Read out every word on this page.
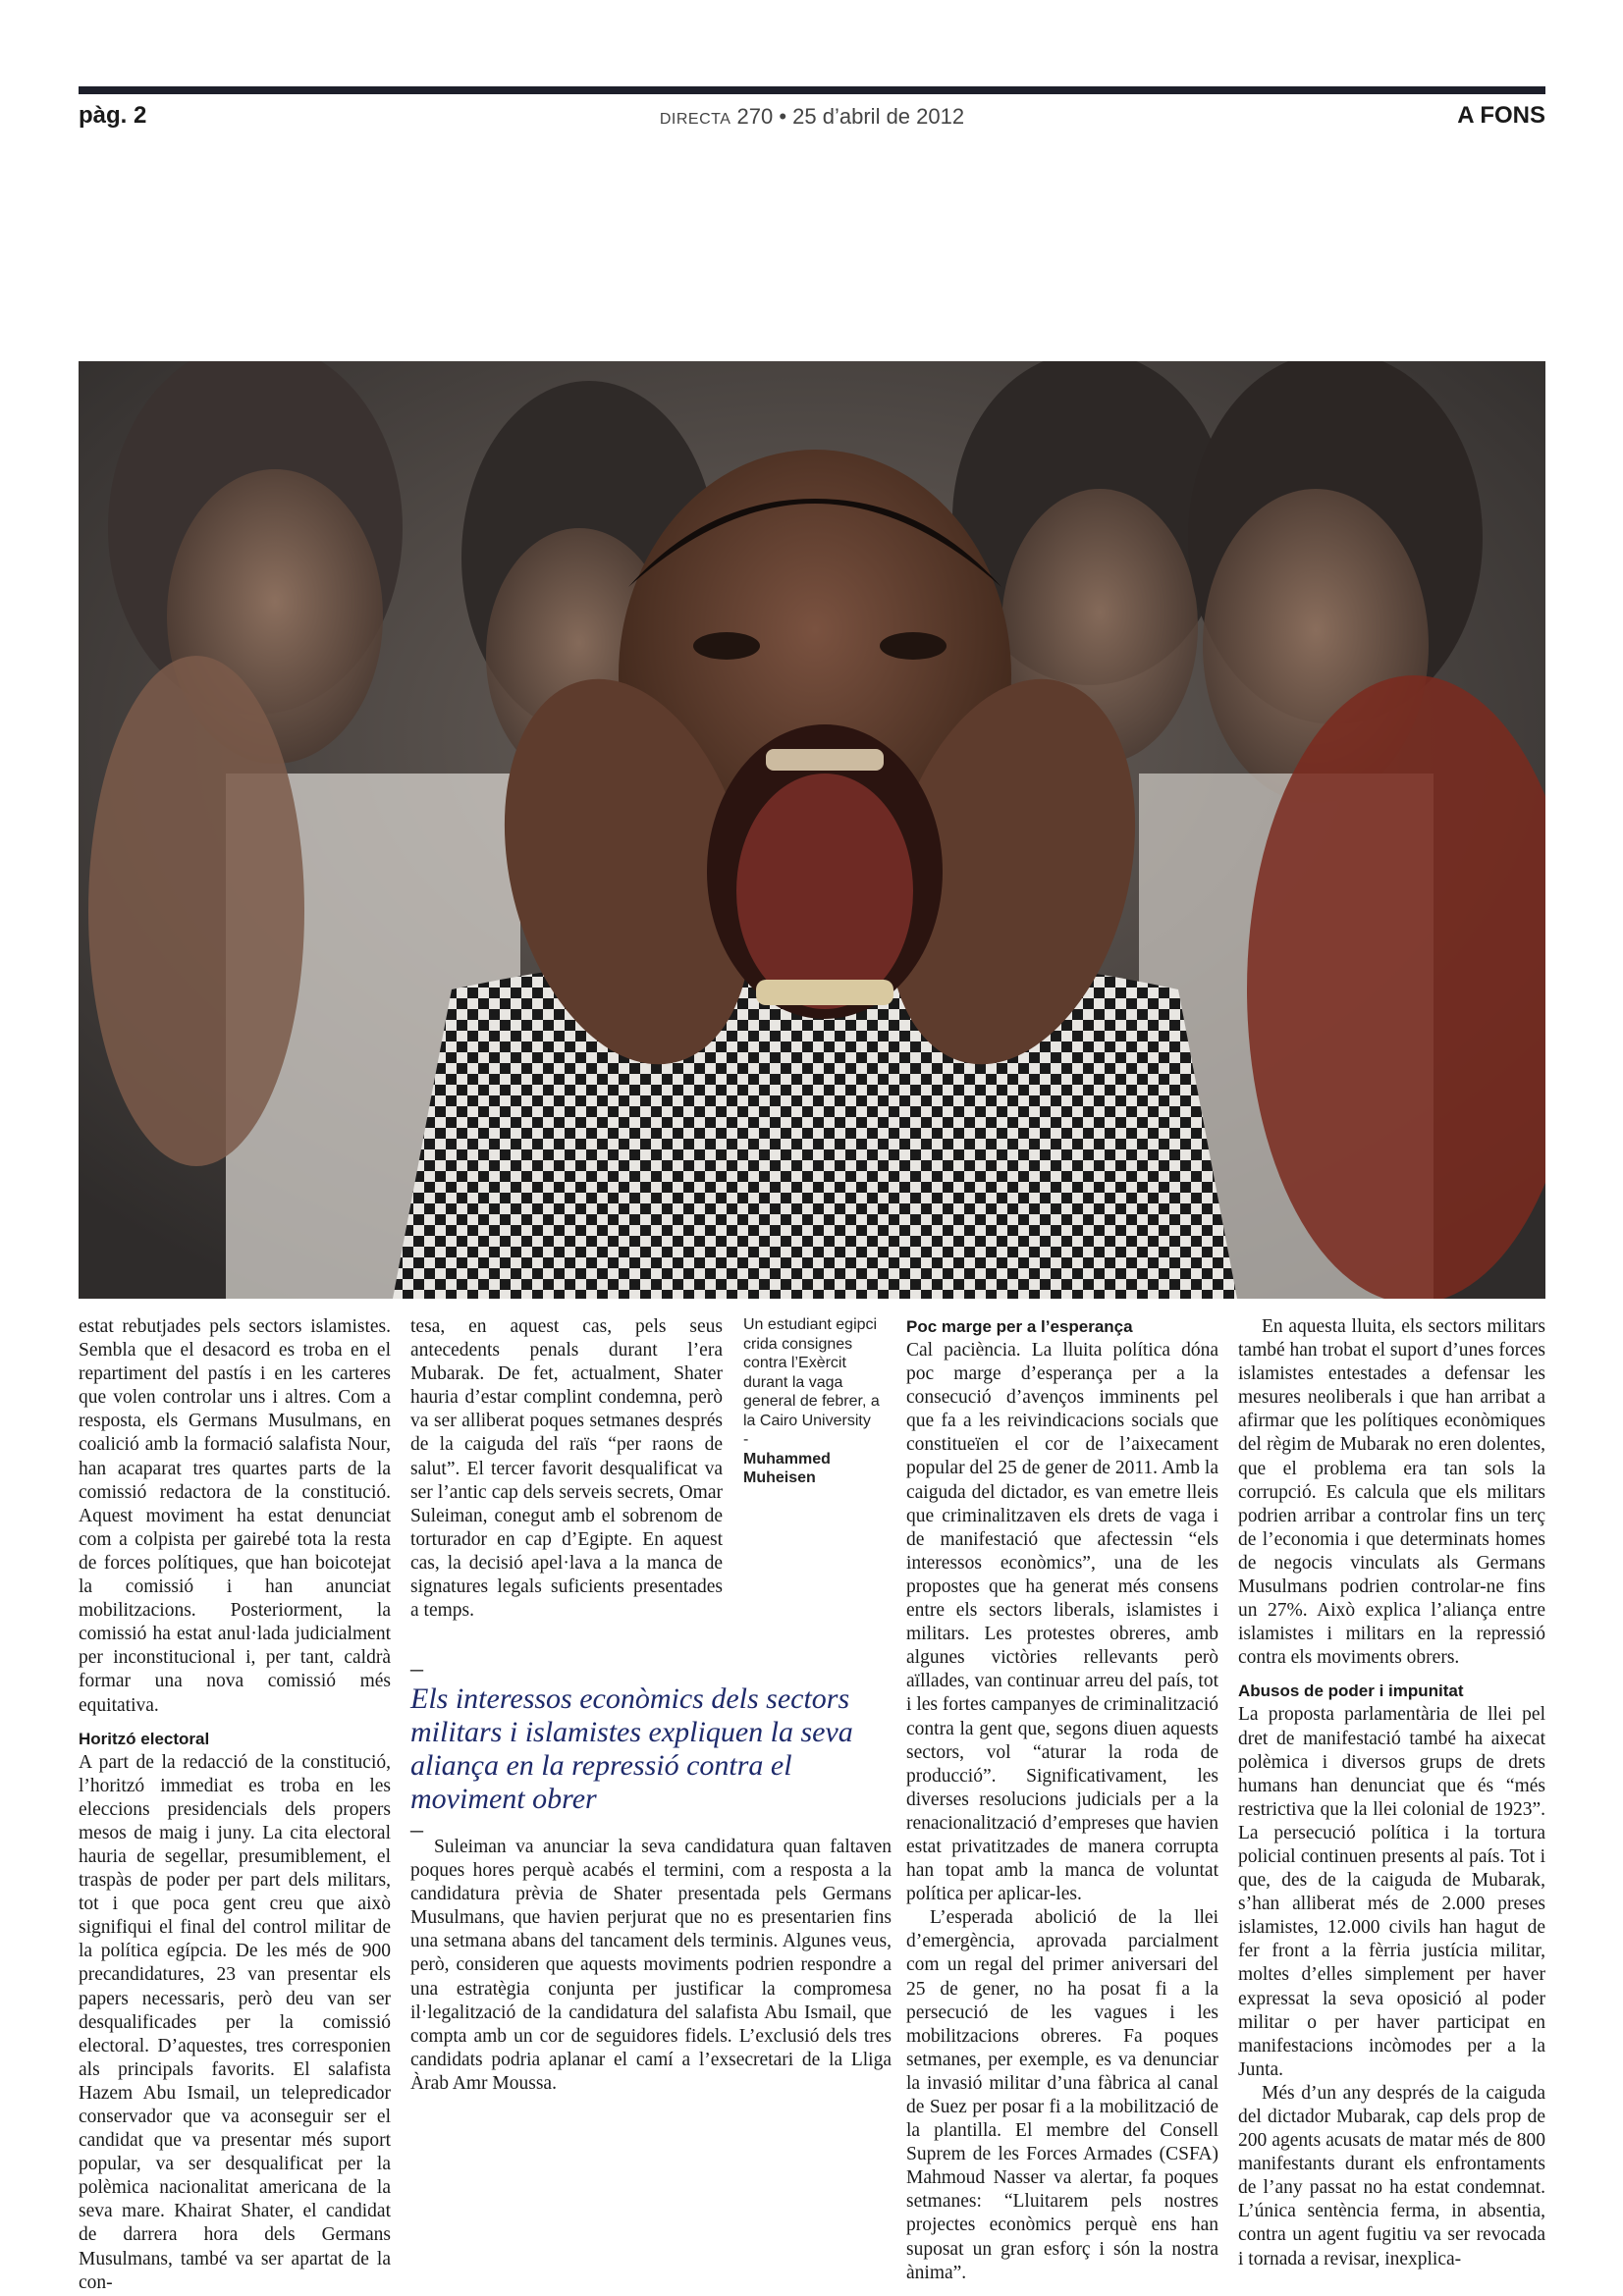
pàg. 2	DIRECTA 270 • 25 d’abril de 2012	A FONS

estat rebutjades pels sectors islamistes. Sembla que el desacord es troba en el repartiment del pastís i en les carteres que volen controlar uns i altres. Com a resposta, els Germans Musulmans, en coalició amb la formació salafista Nour, han acaparat tres quartes parts de la comissió redactora de la constitució. Aquest moviment ha estat denunciat com a colpista per gairebé tota la resta de forces polítiques, que han boicotejat la comissió i han anunciat mobilitzacions. Posteriorment, la comissió ha estat anul·lada judicialment per inconstitucional i, per tant, caldrà formar una nova comissió més equitativa.

Horitzó electoral

A part de la redacció de la constitució, l’horitzó immediat es troba en les eleccions presidencials dels propers mesos de maig i juny. La cita electoral hauria de segellar, presumiblement, el traspàs de poder per part dels militars, tot i que poca gent creu que això signifiqui el final del control militar de la política egípcia. De les més de 900 precandidatures, 23 van presentar els papers necessaris, però deu van ser desqualificades per la comissió electoral. D’aquestes, tres corresponien als principals favorits. El salafista Hazem Abu Ismail, un telepredicador conservador que va aconseguir ser el candidat que va presentar més suport popular, va ser desqualificat per la polèmica nacionalitat americana de la seva mare. Khairat Shater, el candidat de darrera hora dels Germans Musulmans, també va ser apartat de la con-

tesa, en aquest cas, pels seus antecedents penals durant l’era Mubarak. De fet, actualment, Shater hauria d’estar complint condemna, però va ser alliberat poques setmanes després de la caiguda del raïs “per raons de salut”. El tercer favorit desqualificat va ser l’antic cap dels serveis secrets, Omar Suleiman, conegut amb el sobrenom de torturador en cap d’Egipte. En aquest cas, la decisió apel·lava a la manca de signatures legals suficients presentades a temps.

Un estudiant egipci crida consignes contra l’Exèrcit durant la vaga general de febrer, a la Cairo University
-
Muhammed Muheisen
–
Els interessos econòmics dels sectors militars i islamistes expliquen la seva aliança en la repressió contra el moviment obrer
–

Suleiman va anunciar la seva candidatura quan faltaven poques hores perquè acabés el termini, com a resposta a la candidatura prèvia de Shater presentada pels Germans Musulmans, que havien perjurat que no es presentarien fins una setmana abans del tancament dels terminis. Algunes veus, però, consideren que aquests moviments podrien respondre a una estratègia conjunta per justificar la compromesa il·legalització de la candidatura del salafista Abu Ismail, que compta amb un cor de seguidores fidels. L’exclusió dels tres candidats podria aplanar el camí a l’exsecretari de la Lliga Àrab Amr Moussa.

Poc marge per a l’esperança

Cal paciència. La lluita política dóna poc marge d’esperança per a la consecució d’avenços imminents pel que fa a les reivindicacions socials que constitueïen el cor de l’aixecament popular del 25 de gener de 2011. Amb la caiguda del dictador, es van emetre lleis que criminalitzaven els drets de vaga i de manifestació que afectessin “els interessos econòmics”, una de les propostes que ha generat més consens entre els sectors liberals, islamistes i militars. Les protestes obreres, amb algunes victòries rellevants però aïllades, van continuar arreu del país, tot i les fortes campanyes de criminalització contra la gent que, segons diuen aquests sectors, vol “aturar la roda de producció”. Significativament, les diverses resolucions judicials per a la renacionalització d’empreses que havien estat privatitzades de manera corrupta han topat amb la manca de voluntat política per aplicar-les.

L’esperada abolició de la llei d’emergència, aprovada parcialment com un regal del primer aniversari del 25 de gener, no ha posat fi a la persecució de les vagues i les mobilitzacions obreres. Fa poques setmanes, per exemple, es va denunciar la invasió militar d’una fàbrica al canal de Suez per posar fi a la mobilització de la plantilla. El membre del Consell Suprem de les Forces Armades (CSFA) Mahmoud Nasser va alertar, fa poques setmanes: “Lluitarem pels nostres projectes econòmics perquè ens han suposat un gran esforç i són la nostra ànima”.

En aquesta lluita, els sectors militars també han trobat el suport d’unes forces islamistes entestades a defensar les mesures neoliberals i que han arribat a afirmar que les polítiques econòmiques del règim de Mubarak no eren dolentes, que el problema era tan sols la corrupció. Es calcula que els militars podrien arribar a controlar fins un terç de l’economia i que determinats homes de negocis vinculats als Germans Musulmans podrien controlar-ne fins un 27%. Això explica l’aliança entre islamistes i militars en la repressió contra els moviments obrers.

Abusos de poder i impunitat

La proposta parlamentària de llei pel dret de manifestació també ha aixecat polèmica i diversos grups de drets humans han denunciat que és “més restrictiva que la llei colonial de 1923”. La persecució política i la tortura policial continuen presents al país. Tot i que, des de la caiguda de Mubarak, s’han alliberat més de 2.000 preses islamistes, 12.000 civils han hagut de fer front a la fèrria justícia militar, moltes d’elles simplement per haver expressat la seva oposició al poder militar o per haver participat en manifestacions incòmodes per a la Junta.

Més d’un any després de la caiguda del dictador Mubarak, cap dels prop de 200 agents acusats de matar més de 800 manifestants durant els enfrontaments de l’any passat no ha estat condemnat. L’única sentència ferma, in absentia, contra un agent fugitiu va ser revocada i tornada a revisar, inexplica-
